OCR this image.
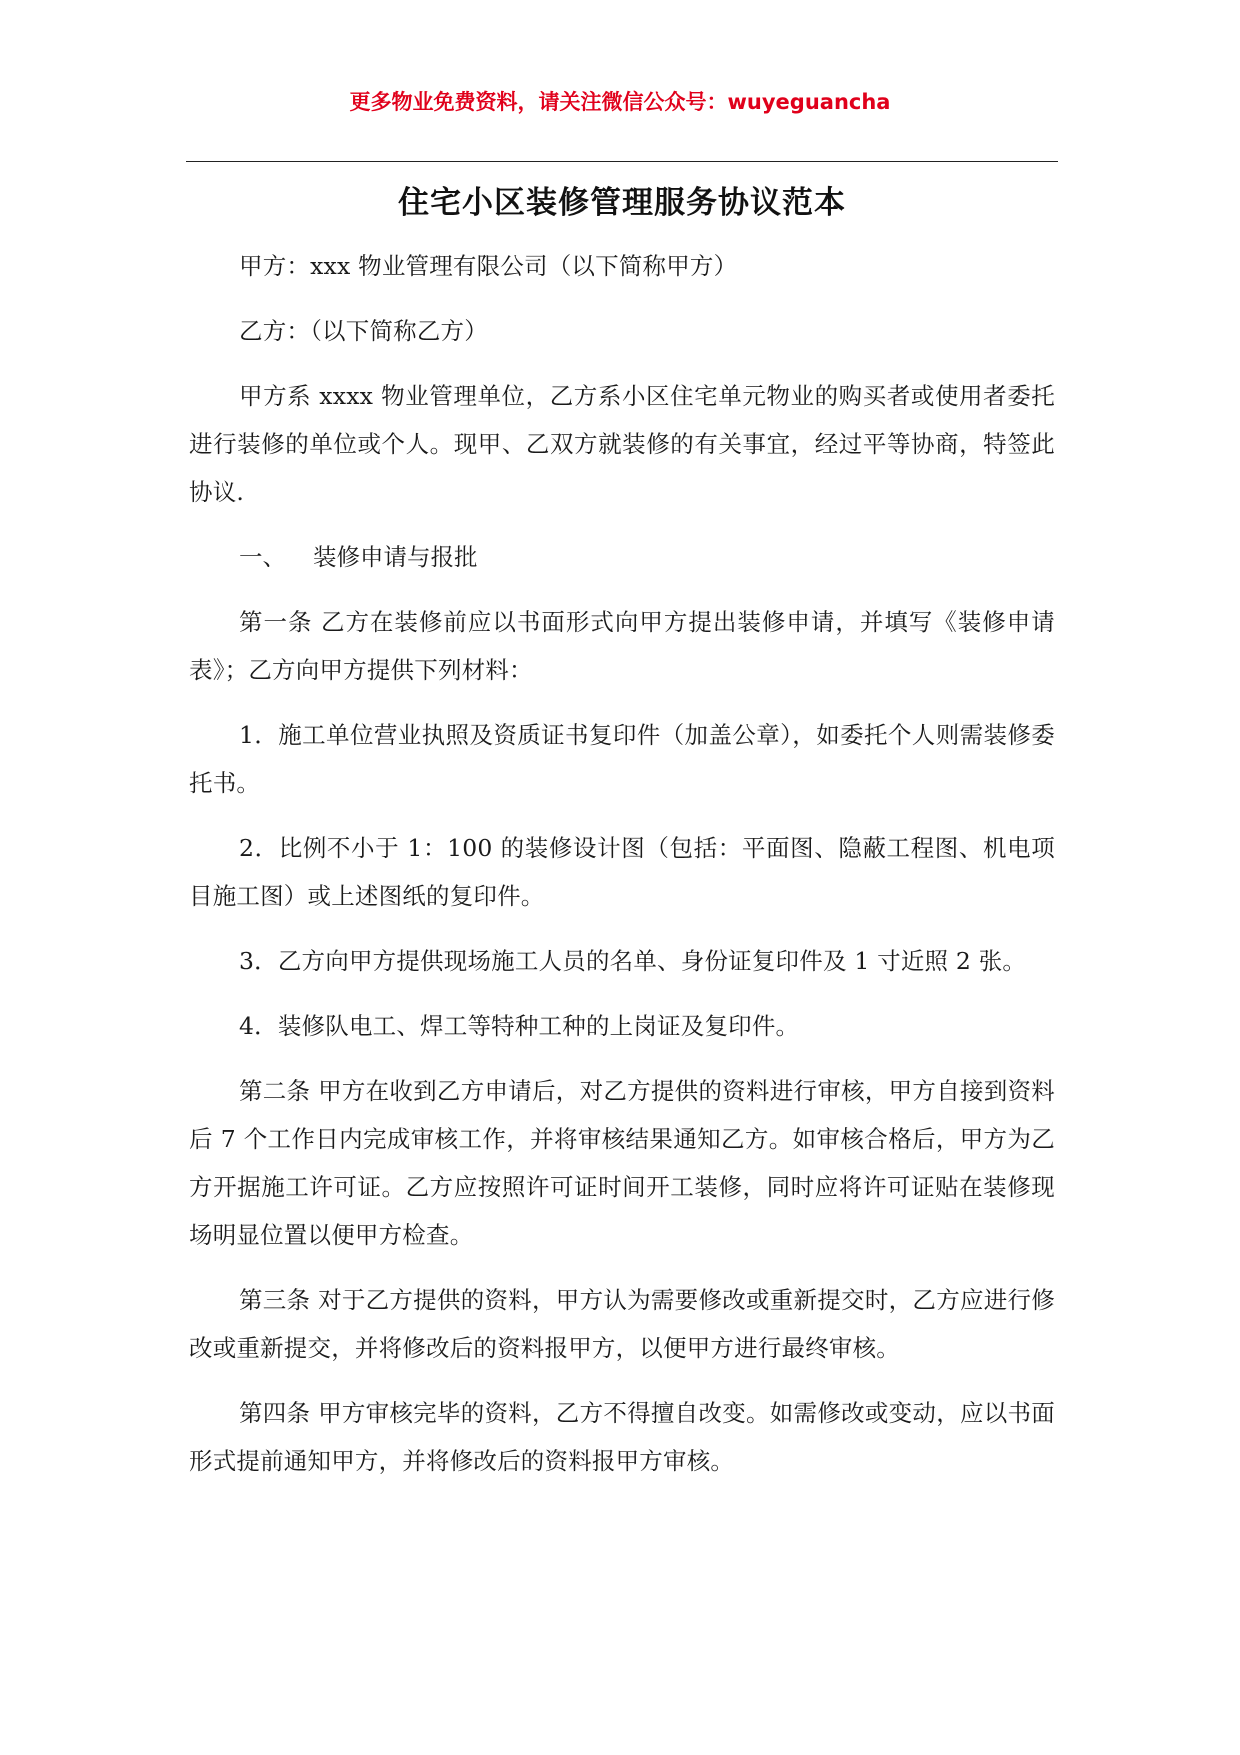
更多物业免费资料，请关注微信公众号：wuyeguancha
住宅小区装修管理服务协议范本

甲方：xxx 物业管理有限公司（以下简称甲方）

乙方：（以下简称乙方）

甲方系 xxxx 物业管理单位，乙方系小区住宅单元物业的购买者或使用者委托进行装修的单位或个人。现甲、乙双方就装修的有关事宜，经过平等协商，特签此协议.

一、 装修申请与报批

第一条 乙方在装修前应以书面形式向甲方提出装修申请，并填写《装修申请表》；乙方向甲方提供下列材料：

1．施工单位营业执照及资质证书复印件（加盖公章），如委托个人则需装修委托书。

2．比例不小于 1：100 的装修设计图（包括：平面图、隐蔽工程图、机电项目施工图）或上述图纸的复印件。

3．乙方向甲方提供现场施工人员的名单、身份证复印件及 1 寸近照 2 张。

4．装修队电工、焊工等特种工种的上岗证及复印件。

第二条 甲方在收到乙方申请后，对乙方提供的资料进行审核，甲方自接到资料后 7 个工作日内完成审核工作，并将审核结果通知乙方。如审核合格后，甲方为乙方开据施工许可证。乙方应按照许可证时间开工装修，同时应将许可证贴在装修现场明显位置以便甲方检查。

第三条 对于乙方提供的资料，甲方认为需要修改或重新提交时，乙方应进行修改或重新提交，并将修改后的资料报甲方，以便甲方进行最终审核。

第四条 甲方审核完毕的资料，乙方不得擅自改变。如需修改或变动，应以书面形式提前通知甲方，并将修改后的资料报甲方审核。
